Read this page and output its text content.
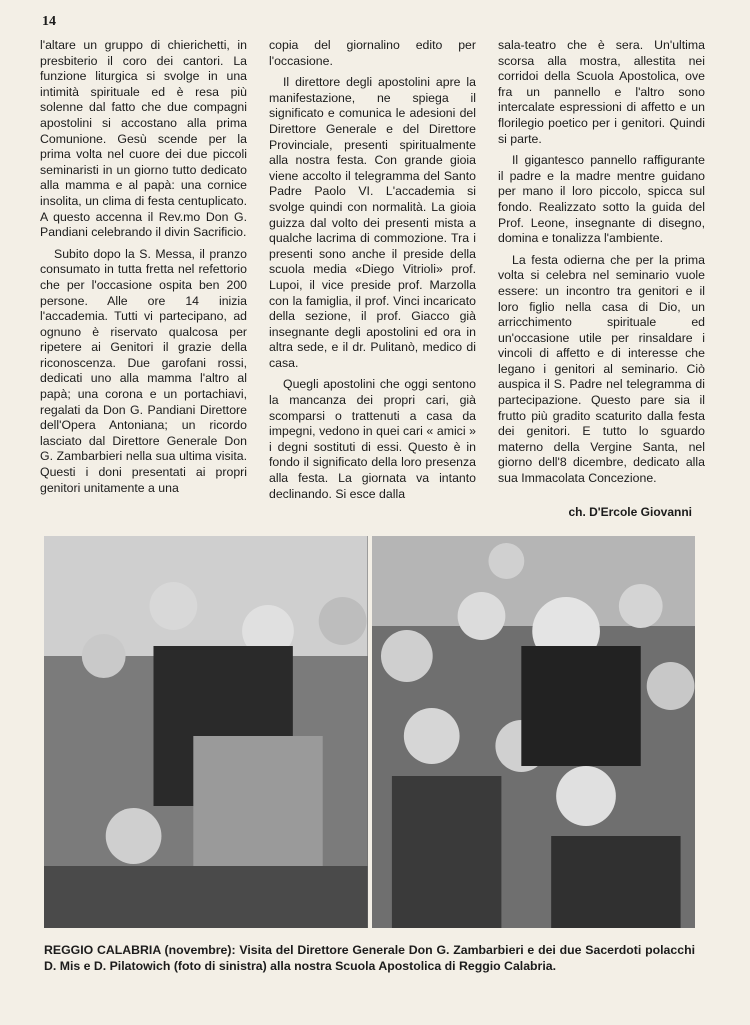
14

l'altare un gruppo di chierichetti, in presbiterio il coro dei cantori. La funzione liturgica si svolge in una intimità spirituale ed è resa più solenne dal fatto che due compagni apostolini si accostano alla prima Comunione. Gesù scende per la prima volta nel cuore dei due piccoli seminaristi in un giorno tutto dedicato alla mamma e al papà: una cornice insolita, un clima di festa centuplicato. A questo accenna il Rev.mo Don G. Pandiani celebrando il divin Sacrificio.

Subito dopo la S. Messa, il pranzo consumato in tutta fretta nel refettorio che per l'occasione ospita ben 200 persone. Alle ore 14 inizia l'accademia. Tutti vi partecipano, ad ognuno è riservato qualcosa per ripetere ai Genitori il grazie della riconoscenza. Due garofani rossi, dedicati uno alla mamma l'altro al papà; una corona e un portachiavi, regalati da Don G. Pandiani Direttore dell'Opera Antoniana; un ricordo lasciato dal Direttore Generale Don G. Zambarbieri nella sua ultima visita. Questi i doni presentati ai propri genitori unitamente a una

copia del giornalino edito per l'occasione.

Il direttore degli apostolini apre la manifestazione, ne spiega il significato e comunica le adesioni del Direttore Generale e del Direttore Provinciale, presenti spiritualmente alla nostra festa. Con grande gioia viene accolto il telegramma del Santo Padre Paolo VI. L'accademia si svolge quindi con normalità. La gioia guizza dal volto dei presenti mista a qualche lacrima di commozione. Tra i presenti sono anche il preside della scuola media «Diego Vitrioli» prof. Lupoi, il vice preside prof. Marzolla con la famiglia, il prof. Vinci incaricato della sezione, il prof. Giacco già insegnante degli apostolini ed ora in altra sede, e il dr. Pulitanò, medico di casa.

Quegli apostolini che oggi sentono la mancanza dei propri cari, già scomparsi o trattenuti a casa da impegni, vedono in quei cari « amici » i degni sostituti di essi. Questo è in fondo il significato della loro presenza alla festa. La giornata va intanto declinando. Si esce dalla

sala-teatro che è sera. Un'ultima scorsa alla mostra, allestita nei corridoi della Scuola Apostolica, ove fra un pannello e l'altro sono intercalate espressioni di affetto e un florilegio poetico per i genitori. Quindi si parte.

Il gigantesco pannello raffigurante il padre e la madre mentre guidano per mano il loro piccolo, spicca sul fondo. Realizzato sotto la guida del Prof. Leone, insegnante di disegno, domina e tonalizza l'ambiente.

La festa odierna che per la prima volta si celebra nel seminario vuole essere: un incontro tra genitori e il loro figlio nella casa di Dio, un arricchimento spirituale ed un'occasione utile per rinsaldare i vincoli di affetto e di interesse che legano i genitori al seminario. Ciò auspica il S. Padre nel telegramma di partecipazione. Questo pare sia il frutto più gradito scaturito dalla festa dei genitori. E tutto lo sguardo materno della Vergine Santa, nel giorno dell'8 dicembre, dedicato alla sua Immacolata Concezione.

ch. D'Ercole Giovanni
REGGIO CALABRIA (novembre): Visita del Direttore Generale Don G. Zambarbieri e dei due Sacerdoti polacchi D. Mis e D. Pilatowich (foto di sinistra) alla nostra Scuola Apostolica di Reggio Calabria.
